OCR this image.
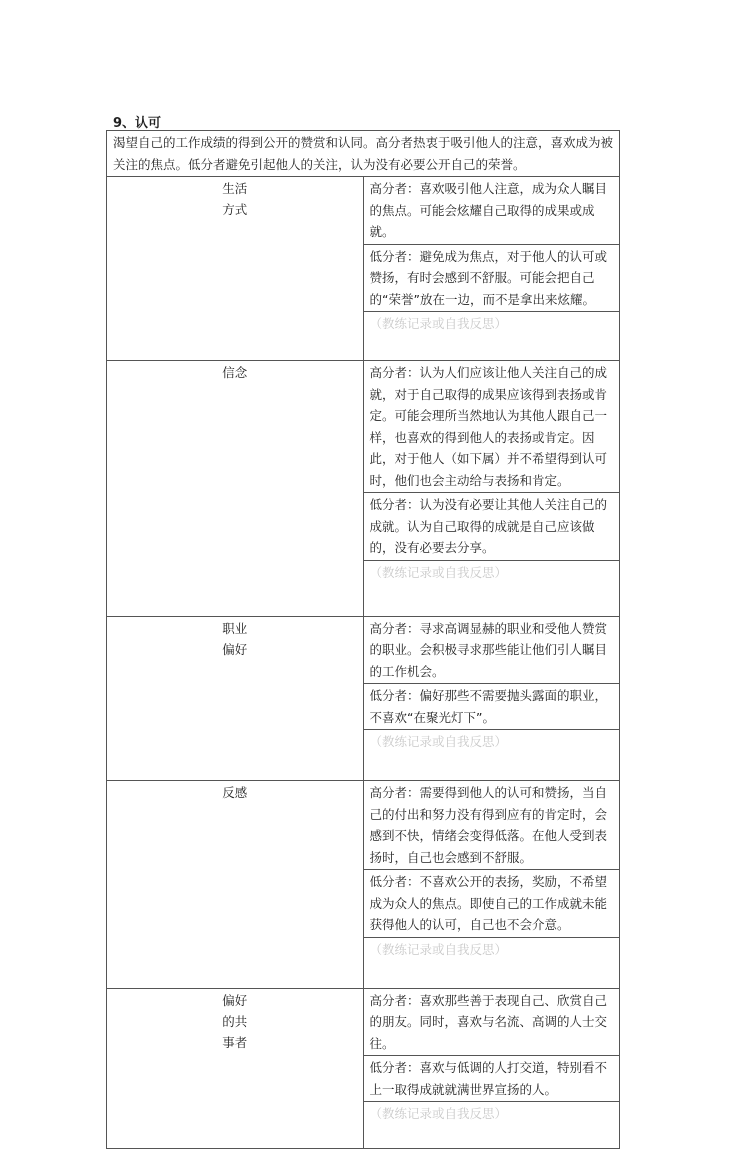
9、认可
渴望自己的工作成绩的得到公开的赞赏和认同。高分者热衷于吸引他人的注意，喜欢成为被关注的焦点。低分者避免引起他人的关注，认为没有必要公开自己的荣誉。	
生活方式	高分者：喜欢吸引他人注意，成为众人瞩目的焦点。可能会炫耀自己取得的成果或成就。
	低分者：避免成为焦点，对于他人的认可或赞扬，有时会感到不舒服。可能会把自己的“荣誉”放在一边，而不是拿出来炫耀。
	（教练记录或自我反思）
信念	高分者：认为人们应该让他人关注自己的成就，对于自己取得的成果应该得到表扬或肯定。可能会理所当然地认为其他人跟自己一样，也喜欢的得到他人的表扬或肯定。因此，对于他人（如下属）并不希望得到认可时，他们也会主动给与表扬和肯定。
	低分者：认为没有必要让其他人关注自己的成就。认为自己取得的成就是自己应该做的，没有必要去分享。
	（教练记录或自我反思）
职业偏好	高分者：寻求高调显赫的职业和受他人赞赏的职业。会积极寻求那些能让他们引人瞩目的工作机会。
	低分者：偏好那些不需要抛头露面的职业，不喜欢“在聚光灯下”。
	（教练记录或自我反思）
反感	高分者：需要得到他人的认可和赞扬，当自己的付出和努力没有得到应有的肯定时，会感到不快，情绪会变得低落。在他人受到表扬时，自己也会感到不舒服。
	低分者：不喜欢公开的表扬，奖励，不希望成为众人的焦点。即使自己的工作成就未能获得他人的认可，自己也不会介意。
	（教练记录或自我反思）
偏好的共事者	高分者：喜欢那些善于表现自己、欣赏自己的朋友。同时，喜欢与名流、高调的人士交往。
	低分者：喜欢与低调的人打交道，特别看不上一取得成就就满世界宣扬的人。
	（教练记录或自我反思）
